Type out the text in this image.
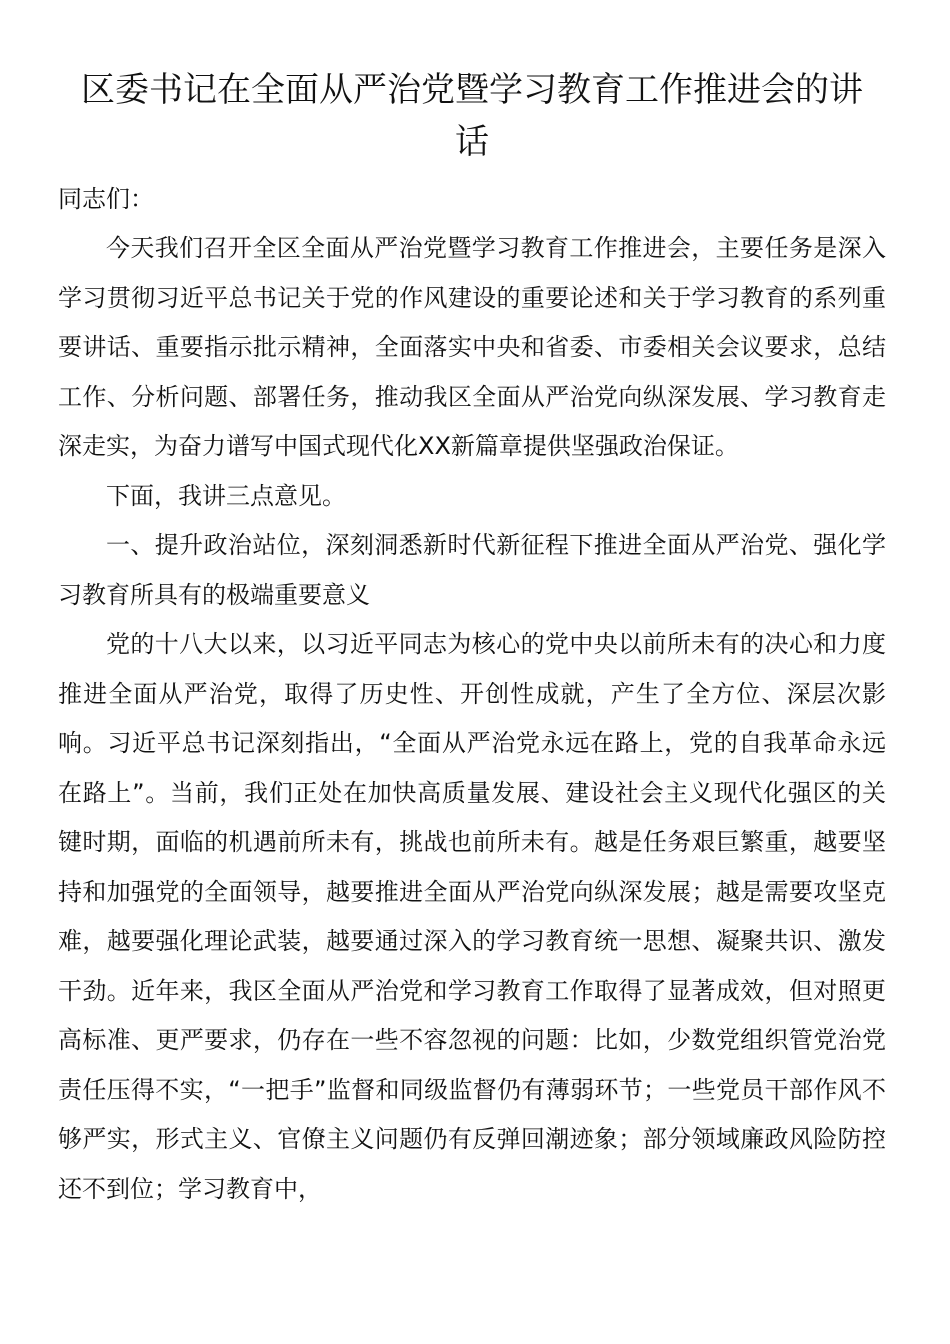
区委书记在全面从严治党暨学习教育工作推进会的讲话

同志们：

今天我们召开全区全面从严治党暨学习教育工作推进会，主要任务是深入学习贯彻习近平总书记关于党的作风建设的重要论述和关于学习教育的系列重要讲话、重要指示批示精神，全面落实中央和省委、市委相关会议要求，总结工作、分析问题、部署任务，推动我区全面从严治党向纵深发展、学习教育走深走实，为奋力谱写中国式现代化XX新篇章提供坚强政治保证。

下面，我讲三点意见。

一、提升政治站位，深刻洞悉新时代新征程下推进全面从严治党、强化学习教育所具有的极端重要意义

党的十八大以来，以习近平同志为核心的党中央以前所未有的决心和力度推进全面从严治党，取得了历史性、开创性成就，产生了全方位、深层次影响。习近平总书记深刻指出，“全面从严治党永远在路上，党的自我革命永远在路上”。当前，我们正处在加快高质量发展、建设社会主义现代化强区的关键时期，面临的机遇前所未有，挑战也前所未有。越是任务艰巨繁重，越要坚持和加强党的全面领导，越要推进全面从严治党向纵深发展；越是需要攻坚克难，越要强化理论武装，越要通过深入的学习教育统一思想、凝聚共识、激发干劲。近年来，我区全面从严治党和学习教育工作取得了显著成效，但对照更高标准、更严要求，仍存在一些不容忽视的问题：比如，少数党组织管党治党责任压得不实，“一把手”监督和同级监督仍有薄弱环节；一些党员干部作风不够严实，形式主义、官僚主义问题仍有反弹回潮迹象；部分领域廉政风险防控还不到位；学习教育中，
